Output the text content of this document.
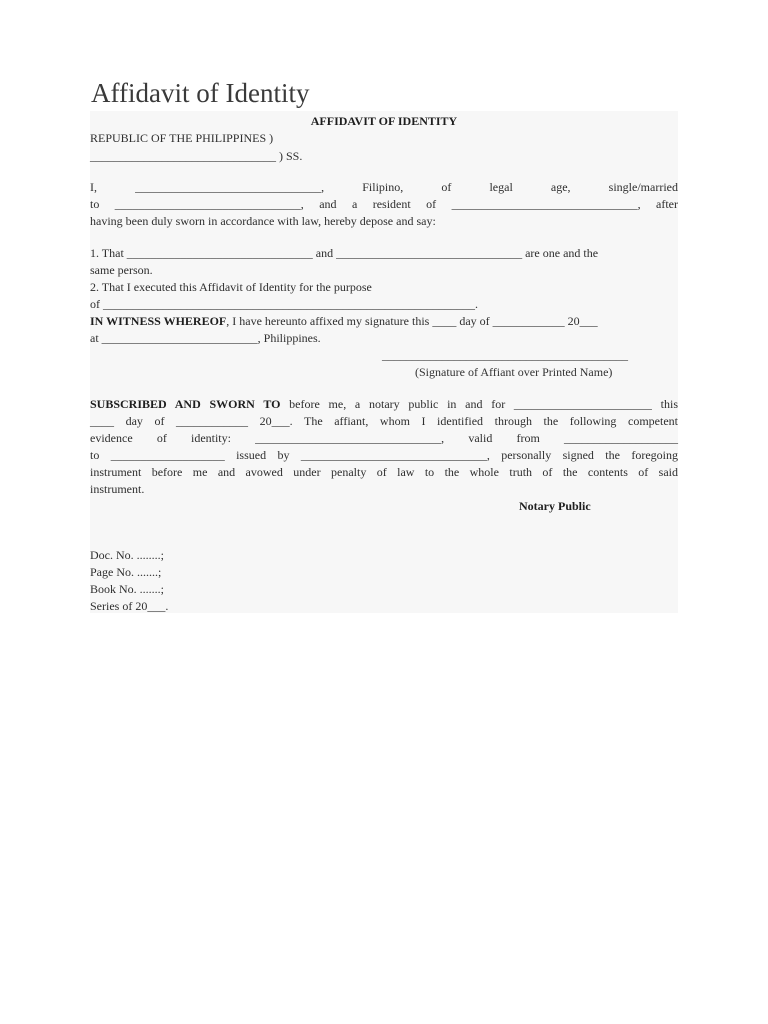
Affidavit of Identity
AFFIDAVIT OF IDENTITY
REPUBLIC OF THE PHILIPPINES )
_______________________________ ) SS.
I, _______________________________, Filipino, of legal age, single/married
to _______________________________, and a resident of _______________________________, after
having been duly sworn in accordance with law, hereby depose and say:
1. That _______________________________ and _______________________________ are one and the
same person.
2. That I executed this Affidavit of Identity for the purpose
of ______________________________________________________________.
IN WITNESS WHEREOF, I have hereunto affixed my signature this ____ day of ____________ 20___
at __________________________, Philippines.
_________________________________________
(Signature of Affiant over Printed Name)
SUBSCRIBED AND SWORN TO before me, a notary public in and for _______________________ this
____ day of ____________ 20___. The affiant, whom I identified through the following competent
evidence of identity: _______________________________, valid from ___________________
to ___________________ issued by _______________________________, personally signed the foregoing
instrument before me and avowed under penalty of law to the whole truth of the contents of said
instrument.
Notary Public
Doc. No. ........;
Page No. .......;
Book No. .......;
Series of 20___.
